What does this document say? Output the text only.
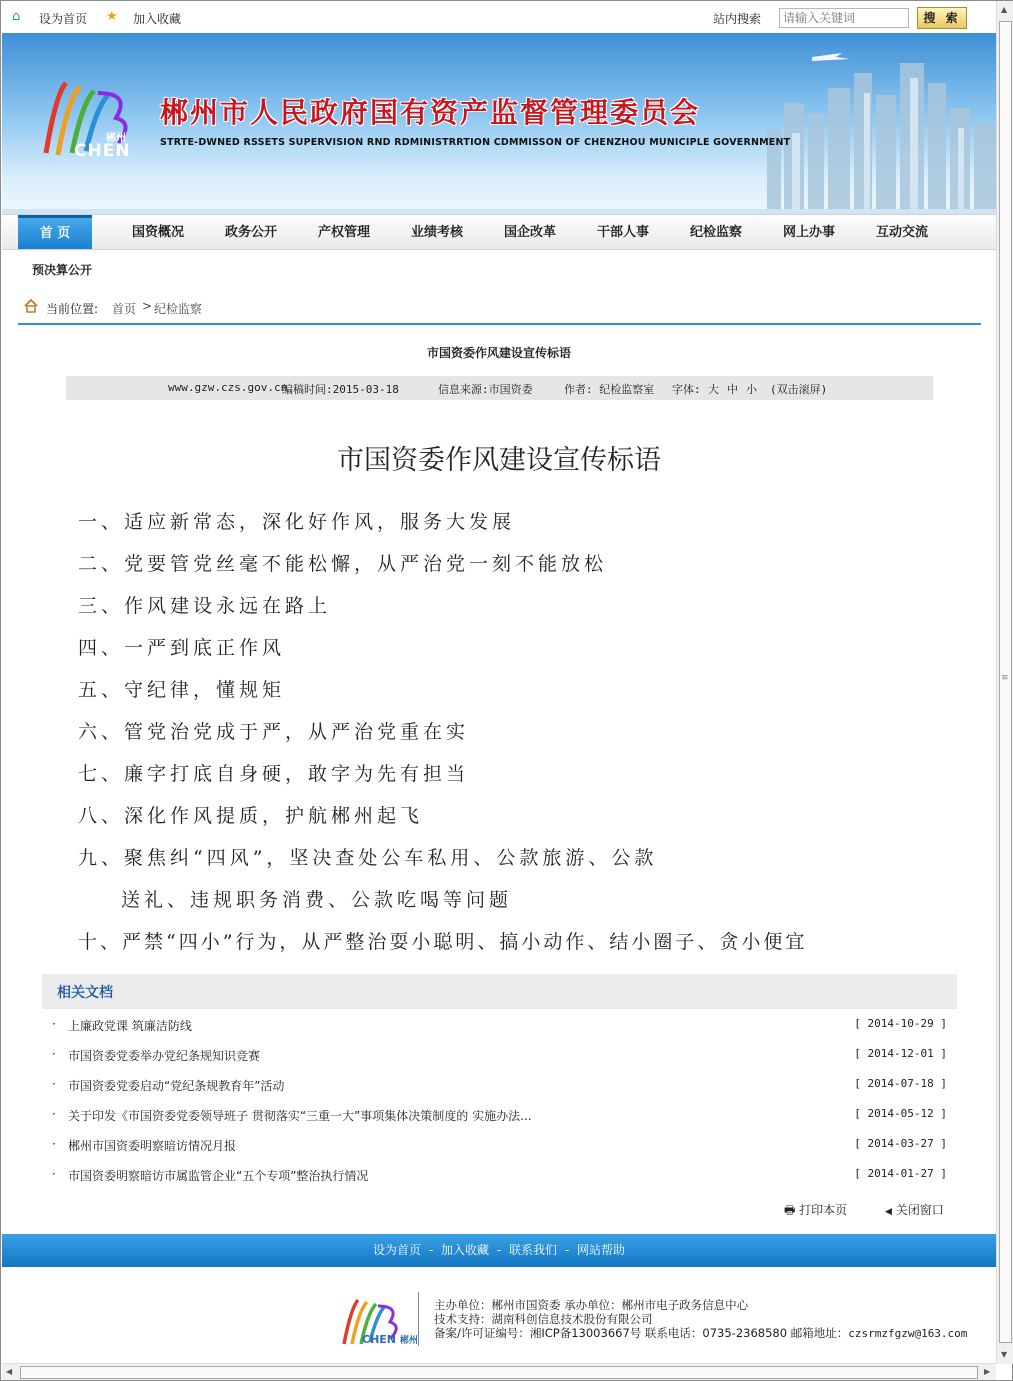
⌂ 设为首页 ★ 加入收藏	站内搜索
请输入关键词	搜 索
郴州
CHEN
郴州市人民政府国有资产监督管理委员会
STRTE-DWNED RSSETS SUPERVISION RND RDMINISTRRTION CDMMISSON OF CHENZHOU MUNICIPLE GOVERNMENT
首 页	国资概况	政务公开	产权管理	业绩考核	国企改革	干部人事	纪检监察	网上办事	互动交流
预决算公开
当前位置: 首页 > 纪检监察
市国资委作风建设宣传标语
www.gzw.czs.gov.cn
编稿时间:2015-03-18	信息来源:市国资委	作者: 纪检监察室 字体: 大 中 小 (双击滚屏)
市国资委作风建设宣传标语
一、适应新常态，深化好作风，服务大发展
二、党要管党丝毫不能松懈，从严治党一刻不能放松
三、作风建设永远在路上
四、一严到底正作风
五、守纪律，懂规矩
六、管党治党成于严，从严治党重在实
七、廉字打底自身硬，敢字为先有担当
八、深化作风提质，护航郴州起飞
九、聚焦纠“四风”，坚决查处公车私用、公款旅游、公款
送礼、违规职务消费、公款吃喝等问题
十、严禁“四小”行为，从严整治耍小聪明、搞小动作、结小圈子、贪小便宜
相关文档
· 上廉政党课 筑廉洁防线	[ 2014-10-29 ]
· 市国资委党委举办党纪条规知识竞赛	[ 2014-12-01 ]
· 市国资委党委启动“党纪条规教育年”活动	[ 2014-07-18 ]
· 关于印发《市国资委党委领导班子 贯彻落实“三重一大”事项集体决策制度的 实施办法...	[ 2014-05-12 ]
· 郴州市国资委明察暗访情况月报	[ 2014-03-27 ]
· 市国资委明察暗访市属监管企业“五个专项”整治执行情况	[ 2014-01-27 ]
🖶 打印本页	◀ 关闭窗口
设为首页 - 加入收藏 - 联系我们 - 网站帮助
CHEN 郴州
主办单位：郴州市国资委 承办单位：郴州市电子政务信息中心
技术支持：湖南科创信息技术股份有限公司
备案/许可证编号：湘ICP备13003667号 联系电话：0735-2368580 邮箱地址：czsrmzfgzw@163.com
▲
≡
▼
◀	▶
